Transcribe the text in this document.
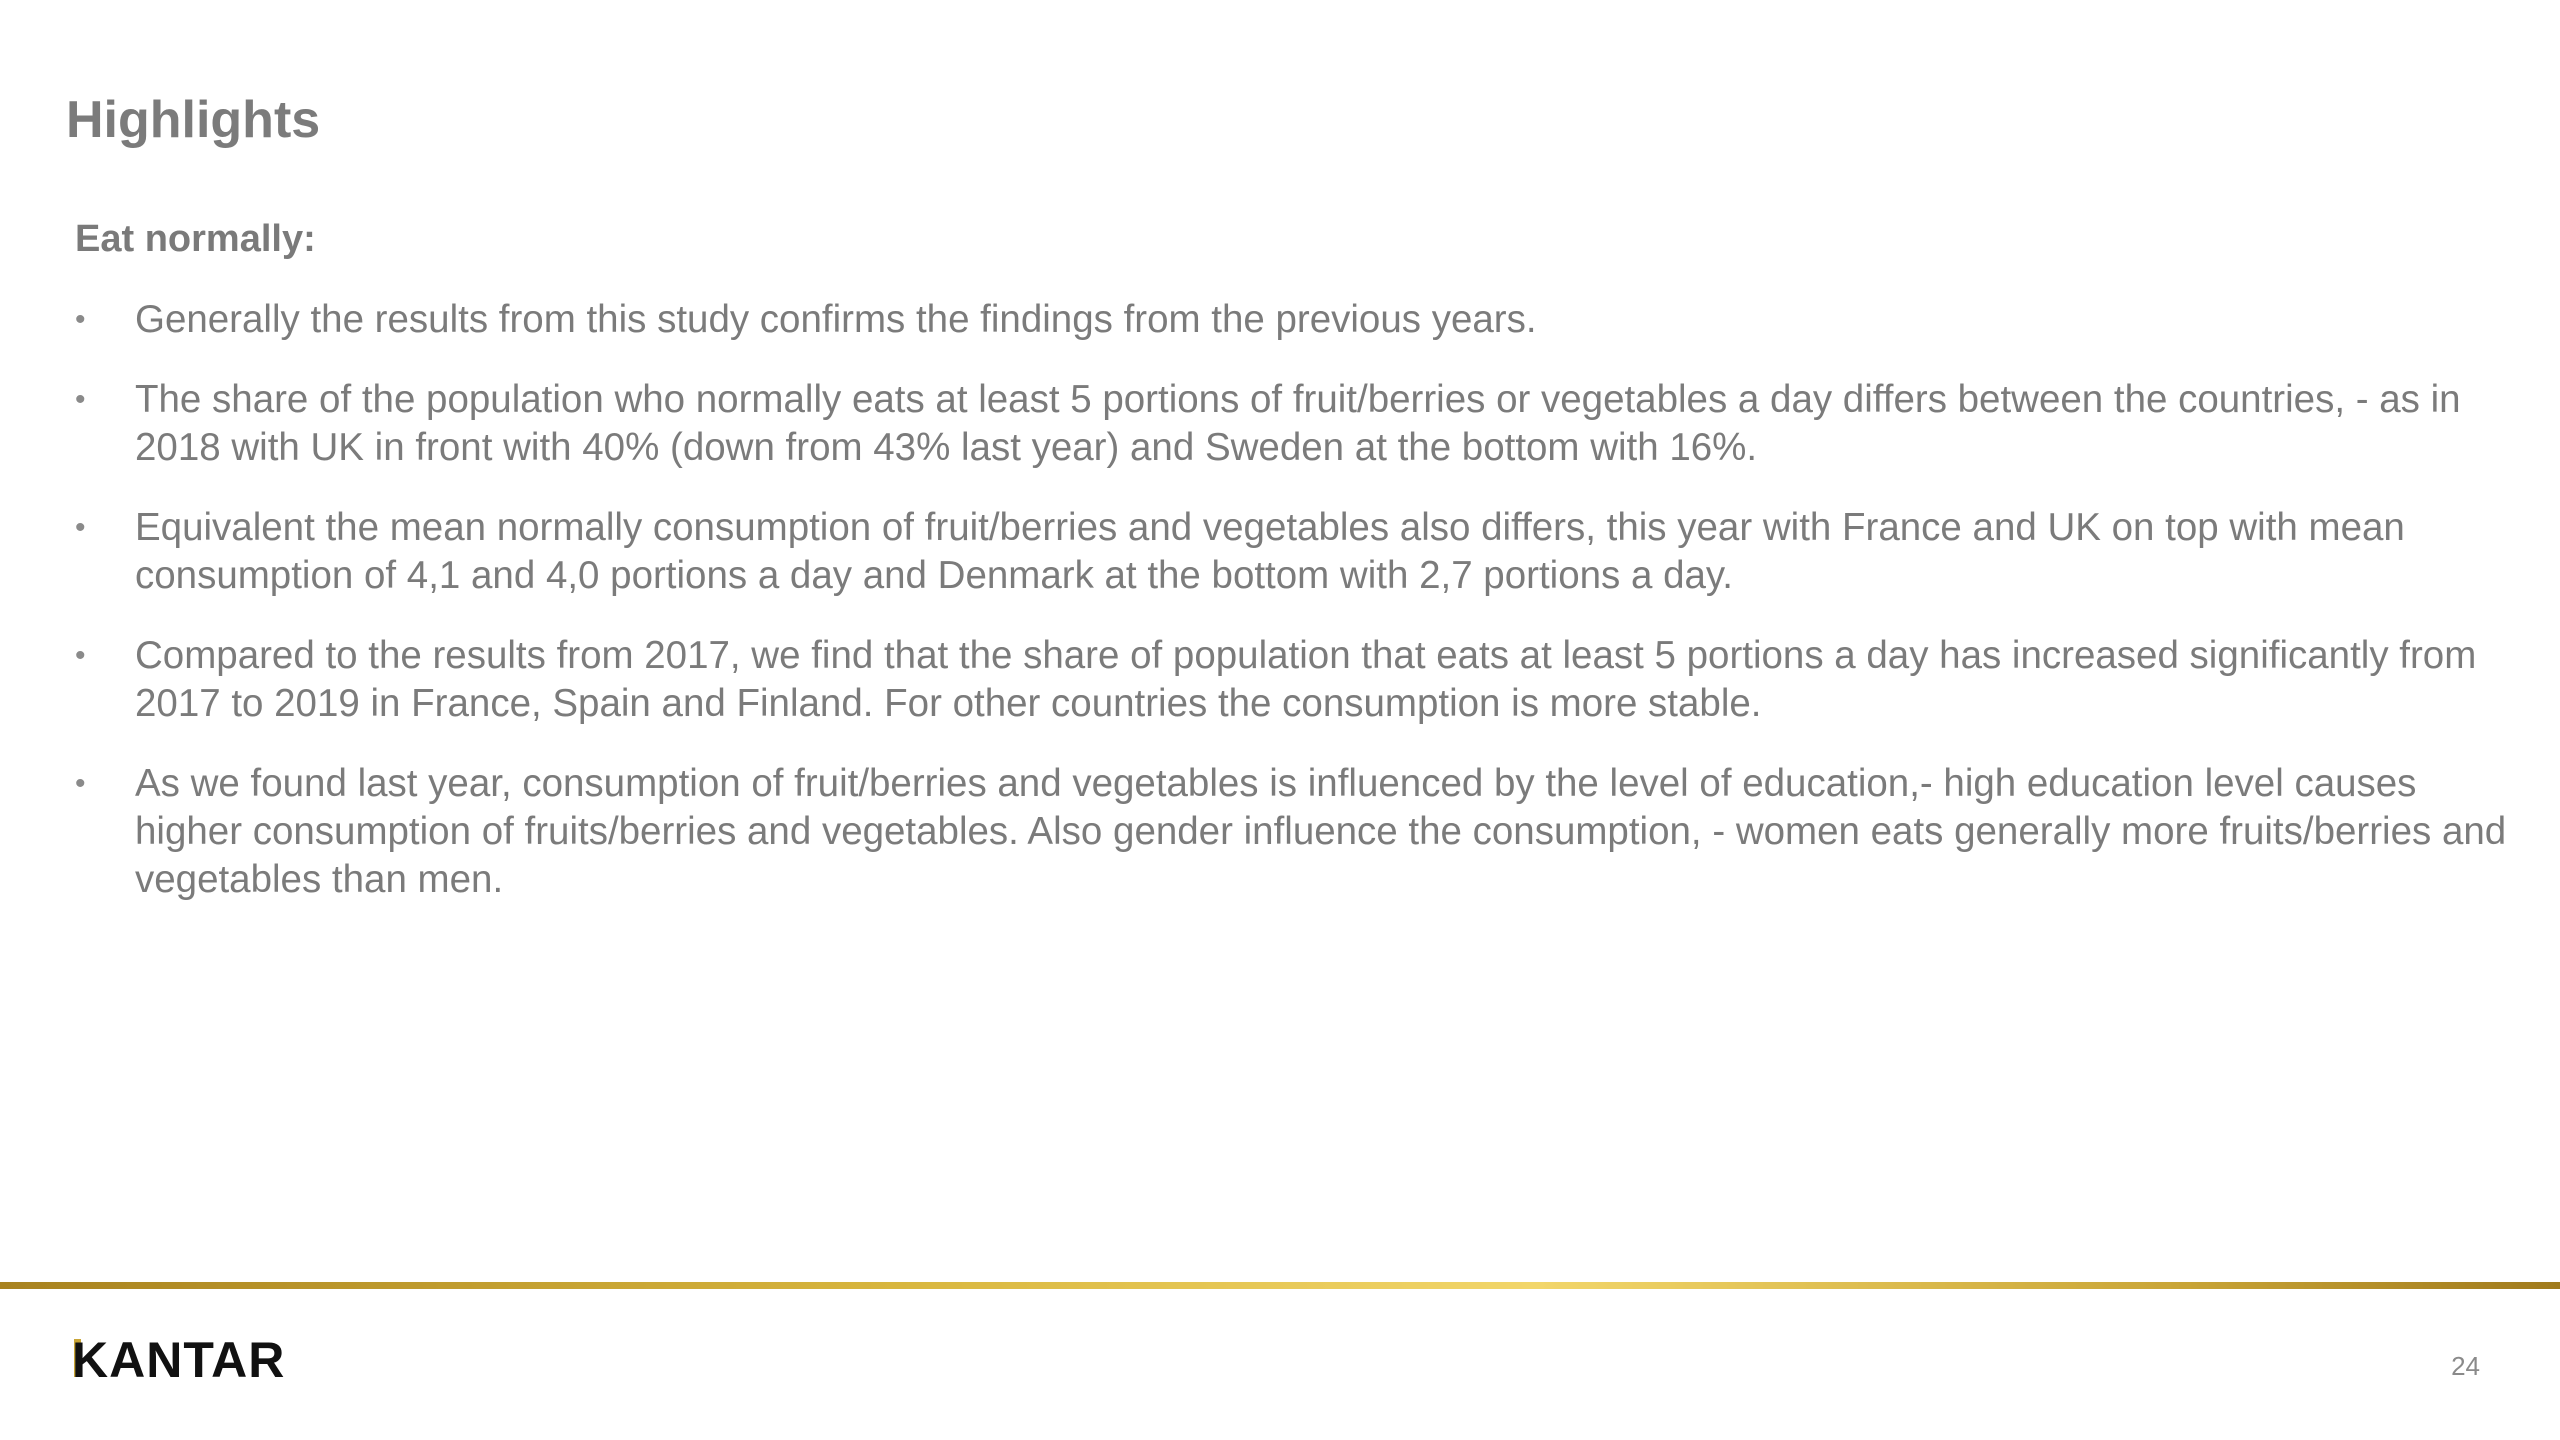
Highlights

Eat normally:

• Generally the results from this study confirms the findings from the previous years.
• The share of the population who normally eats at least 5 portions of fruit/berries or vegetables a day differs between the countries, - as in 2018 with UK in front with 40% (down from 43% last year) and Sweden at the bottom with 16%.
• Equivalent the mean normally consumption of fruit/berries and vegetables also differs, this year with France and UK on top with mean consumption of 4,1 and 4,0 portions a day and Denmark at the bottom with 2,7 portions a day.
• Compared to the results from 2017, we find that the share of population that eats at least 5 portions a day has increased significantly from 2017 to 2019 in France, Spain and Finland. For other countries the consumption is more stable.
• As we found last year, consumption of fruit/berries and vegetables is influenced by the level of education,- high education level causes higher consumption of fruits/berries and vegetables. Also gender influence the consumption, - women eats generally more fruits/berries and vegetables than men.
KANTAR	24
